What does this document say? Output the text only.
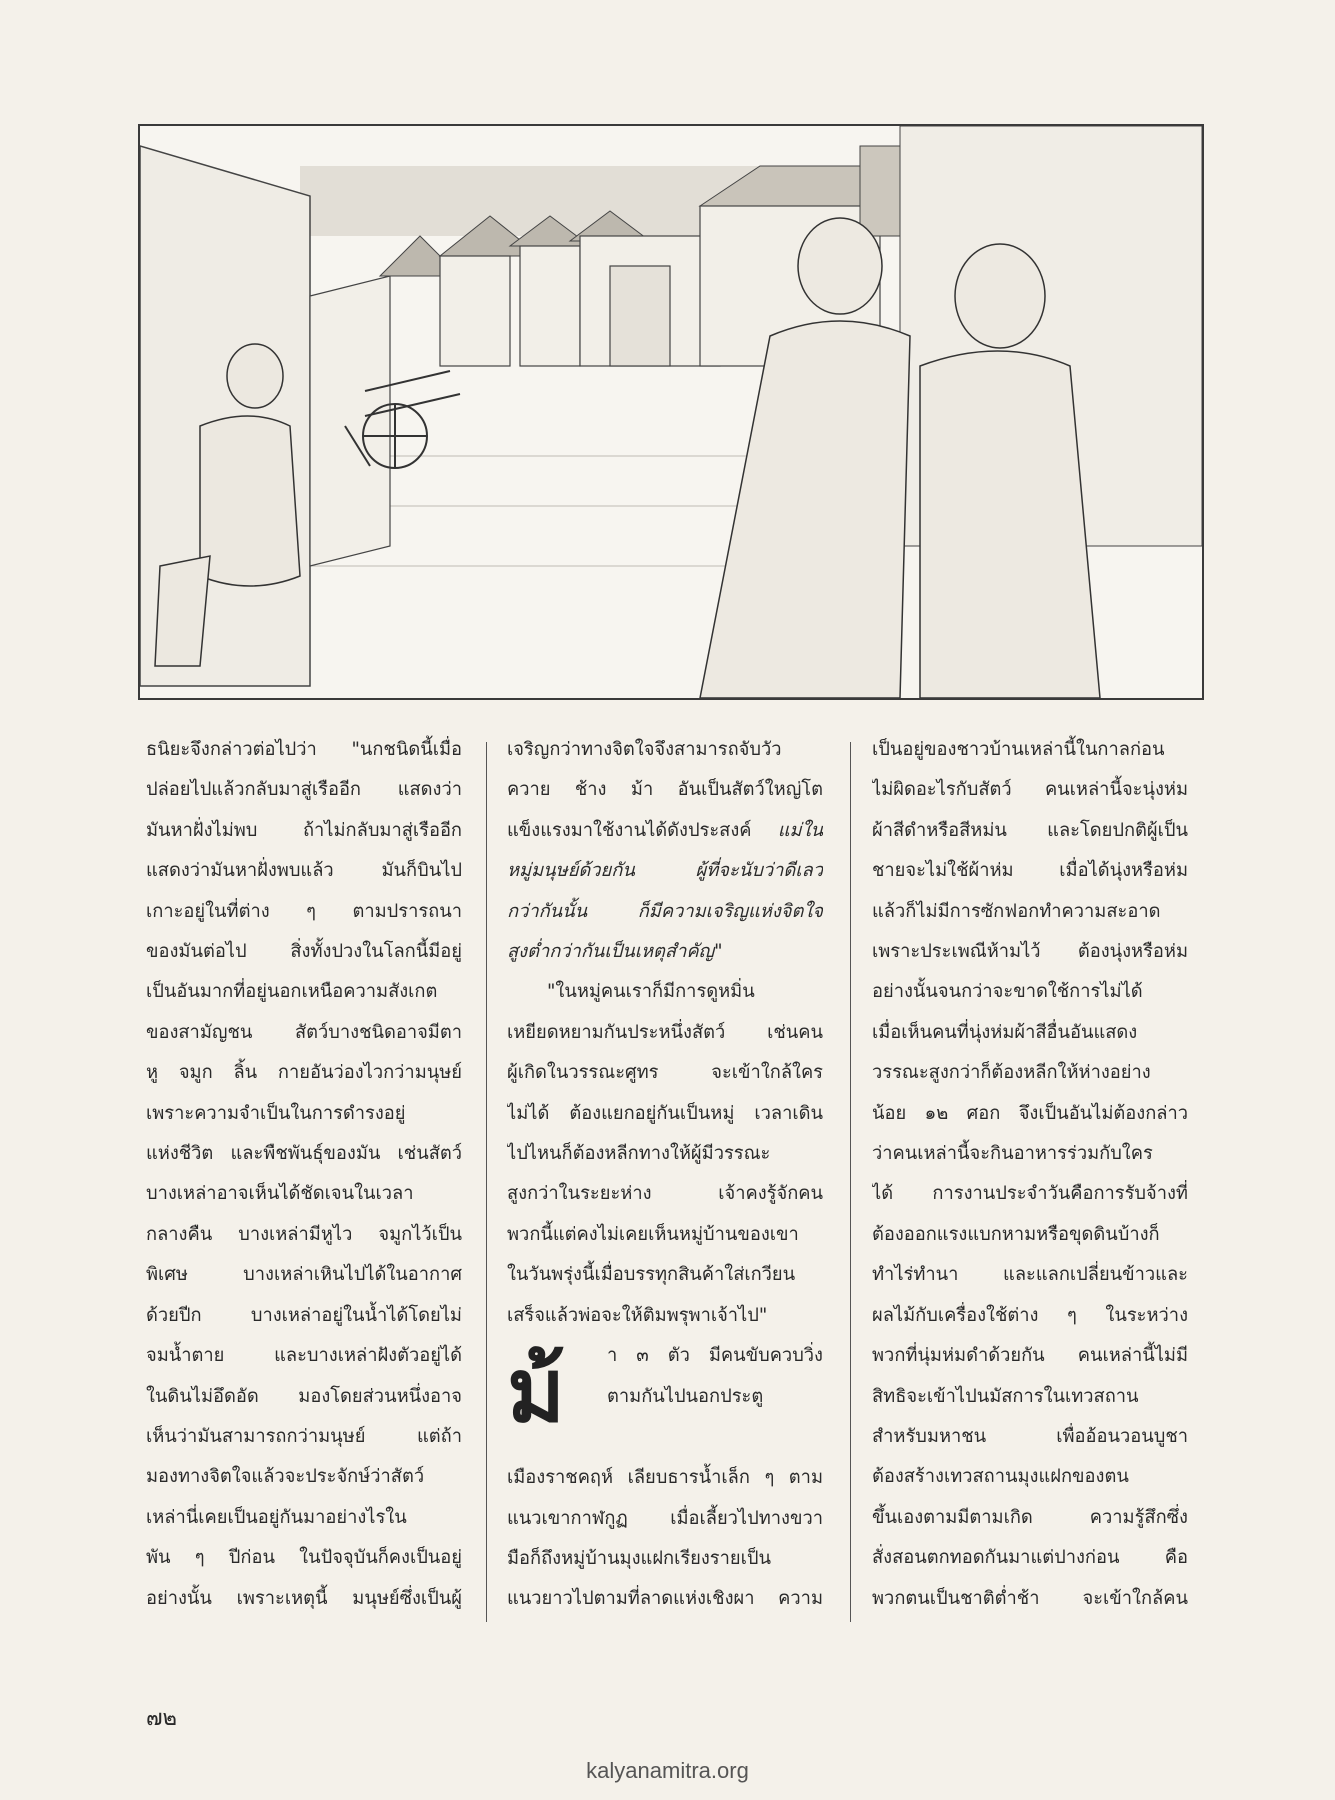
ธนิยะจึงกล่าวต่อไปว่า "นกชนิดนี้เมื่อ
ปล่อยไปแล้วกลับมาสู่เรืออีก แสดงว่า
มันหาฝั่งไม่พบ ถ้าไม่กลับมาสู่เรืออีก
แสดงว่ามันหาฝั่งพบแล้ว มันก็บินไป
เกาะอยู่ในที่ต่าง ๆ ตามปรารถนา
ของมันต่อไป สิ่งทั้งปวงในโลกนี้มีอยู่
เป็นอันมากที่อยู่นอกเหนือความสังเกต
ของสามัญชน สัตว์บางชนิดอาจมีตา
หู จมูก ลิ้น กายอันว่องไวกว่ามนุษย์
เพราะความจำเป็นในการดำรงอยู่
แห่งชีวิต และพืชพันธุ์ของมัน เช่นสัตว์
บางเหล่าอาจเห็นได้ชัดเจนในเวลา
กลางคืน บางเหล่ามีหูไว จมูกไว้เป็น
พิเศษ บางเหล่าเหินไปได้ในอากาศ
ด้วยปีก บางเหล่าอยู่ในน้ำได้โดยไม่
จมน้ำตาย และบางเหล่าฝังตัวอยู่ได้
ในดินไม่อึดอัด มองโดยส่วนหนึ่งอาจ
เห็นว่ามันสามารถกว่ามนุษย์ แต่ถ้า
มองทางจิตใจแล้วจะประจักษ์ว่าสัตว์
เหล่านี่เคยเป็นอยู่กันมาอย่างไรใน
พัน ๆ ปีก่อน ในปัจจุบันก็คงเป็นอยู่
อย่างนั้น เพราะเหตุนี้ มนุษย์ซึ่งเป็นผู้
เจริญกว่าทางจิตใจจึงสามารถจับวัว
ควาย ช้าง ม้า อันเป็นสัตว์ใหญ่โต
แข็งแรงมาใช้งานได้ดังประสงค์ แม่ใน
หมู่มนุษย์ด้วยกัน ผู้ที่จะนับว่าดีเลว
กว่ากันนั้น ก็มีความเจริญแห่งจิตใจ
สูงต่ำกว่ากันเป็นเหตุสำคัญ"
"ในหมู่คนเราก็มีการดูหมิ่น
เหยียดหยามกันประหนึ่งสัตว์ เช่นคน
ผู้เกิดในวรรณะศูทร จะเข้าใกล้ใคร
ไม่ได้ ต้องแยกอยู่กันเป็นหมู่ เวลาเดิน
ไปไหนก็ต้องหลีกทางให้ผู้มีวรรณะ
สูงกว่าในระยะห่าง เจ้าคงรู้จักคน
พวกนี้แต่คงไม่เคยเห็นหมู่บ้านของเขา
ในวันพรุ่งนี้เมื่อบรรทุกสินค้าใส่เกวียน
เสร็จแล้วพ่อจะให้ติมพรุพาเจ้าไป"
ม้ า ๓ ตัว มีคนขับควบวิ่ง
ตามกันไปนอกประตู
เมืองราชคฤห์ เลียบธารน้ำเล็ก ๆ ตาม
แนวเขากาฬกูฏ เมื่อเลี้ยวไปทางขวา
มือก็ถึงหมู่บ้านมุงแฝกเรียงรายเป็น
แนวยาวไปตามที่ลาดแห่งเชิงผา ความ
เป็นอยู่ของชาวบ้านเหล่านี้ในกาลก่อน
ไม่ผิดอะไรกับสัตว์ คนเหล่านี้จะนุ่งห่ม
ผ้าสีดำหรือสีหม่น และโดยปกติผู้เป็น
ชายจะไม่ใช้ผ้าห่ม เมื่อได้นุ่งหรือห่ม
แล้วก็ไม่มีการซักฟอกทำความสะอาด
เพราะประเพณีห้ามไว้ ต้องนุ่งหรือห่ม
อย่างนั้นจนกว่าจะขาดใช้การไม่ได้
เมื่อเห็นคนที่นุ่งห่มผ้าสีอื่นอันแสดง
วรรณะสูงกว่าก็ต้องหลีกให้ห่างอย่าง
น้อย ๑๒ ศอก จึงเป็นอันไม่ต้องกล่าว
ว่าคนเหล่านี้จะกินอาหารร่วมกับใคร
ได้ การงานประจำวันคือการรับจ้างที่
ต้องออกแรงแบกหามหรือขุดดินบ้างก็
ทำไร่ทำนา และแลกเปลี่ยนข้าวและ
ผลไม้กับเครื่องใช้ต่าง ๆ ในระหว่าง
พวกที่นุ่มห่มดำด้วยกัน คนเหล่านี้ไม่มี
สิทธิจะเข้าไปนมัสการในเทวสถาน
สำหรับมหาชน เพื่ออ้อนวอนบูชา
ต้องสร้างเทวสถานมุงแฝกของตน
ขึ้นเองตามมีตามเกิด ความรู้สึกซึ่ง
สั่งสอนตกทอดกันมาแต่ปางก่อน คือ
พวกตนเป็นชาติต่ำช้า จะเข้าใกล้คน
๗๒
kalyanamitra.org
